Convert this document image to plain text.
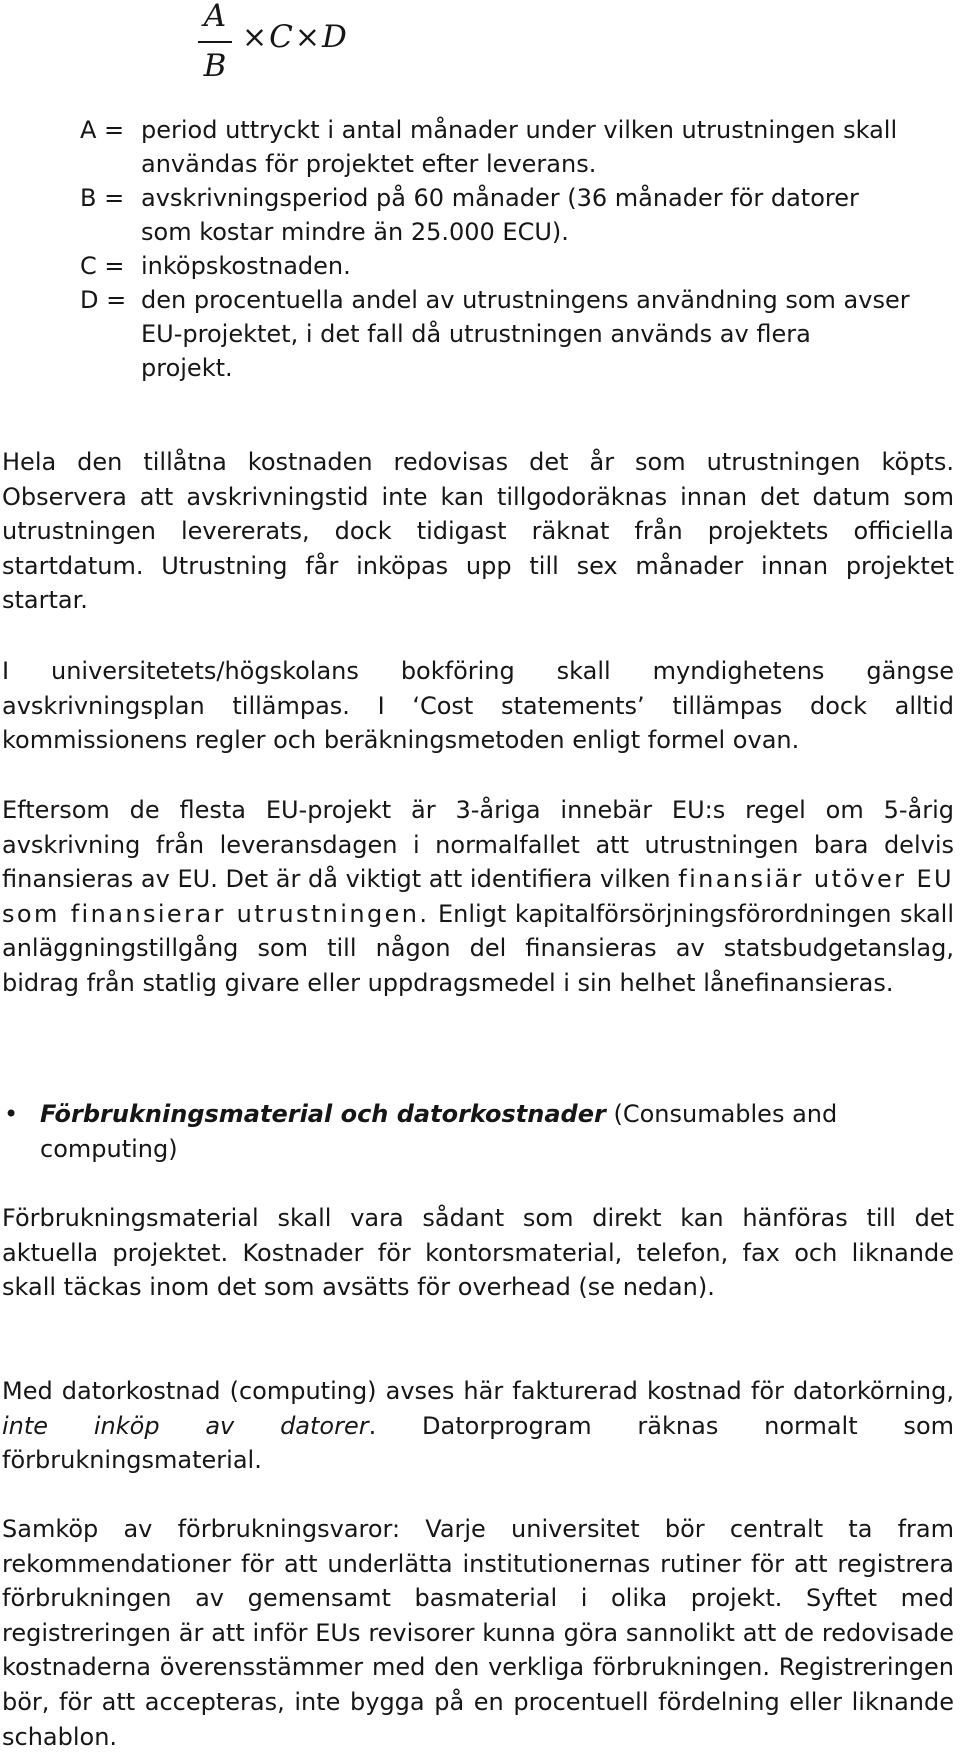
A
B
×C×D
A = period uttryckt i antal månader under vilken utrustningen skall användas för projektet efter leverans.
B = avskrivningsperiod på 60 månader (36 månader för datorer som kostar mindre än 25.000 ECU).
C = inköpskostnaden.
D = den procentuella andel av utrustningens användning som avser EU-projektet, i det fall då utrustningen används av flera projekt.
Hela den tillåtna kostnaden redovisas det år som utrustningen köpts. Observera att avskrivningstid inte kan tillgodoräknas innan det datum som utrustningen levererats, dock tidigast räknat från projektets officiella startdatum. Utrustning får inköpas upp till sex månader innan projektet startar.
I universitetets/högskolans bokföring skall myndighetens gängse avskrivningsplan tillämpas. I ‘Cost statements’ tillämpas dock alltid kommissionens regler och beräkningsmetoden enligt formel ovan.
Eftersom de flesta EU-projekt är 3-åriga innebär EU:s regel om 5-årig avskrivning från leveransdagen i normalfallet att utrustningen bara delvis finansieras av EU. Det är då viktigt att identifiera vilken finansiär utöver EU som finansierar utrustningen. Enligt kapitalförsörjningsförordningen skall anläggningstillgång som till någon del finansieras av statsbudgetanslag, bidrag från statlig givare eller uppdragsmedel i sin helhet lånefinansieras.
• Förbrukningsmaterial och datorkostnader (Consumables and computing)
Förbrukningsmaterial skall vara sådant som direkt kan hänföras till det aktuella projektet. Kostnader för kontorsmaterial, telefon, fax och liknande skall täckas inom det som avsätts för overhead (se nedan).
Med datorkostnad (computing) avses här fakturerad kostnad för datorkörning, inte inköp av datorer. Datorprogram räknas normalt som förbrukningsmaterial.
Samköp av förbrukningsvaror: Varje universitet bör centralt ta fram rekommendationer för att underlätta institutionernas rutiner för att registrera förbrukningen av gemensamt basmaterial i olika projekt. Syftet med registreringen är att inför EUs revisorer kunna göra sannolikt att de redovisade kostnaderna överensstämmer med den verkliga förbrukningen. Registreringen bör, för att accepteras, inte bygga på en procentuell fördelning eller liknande schablon.
